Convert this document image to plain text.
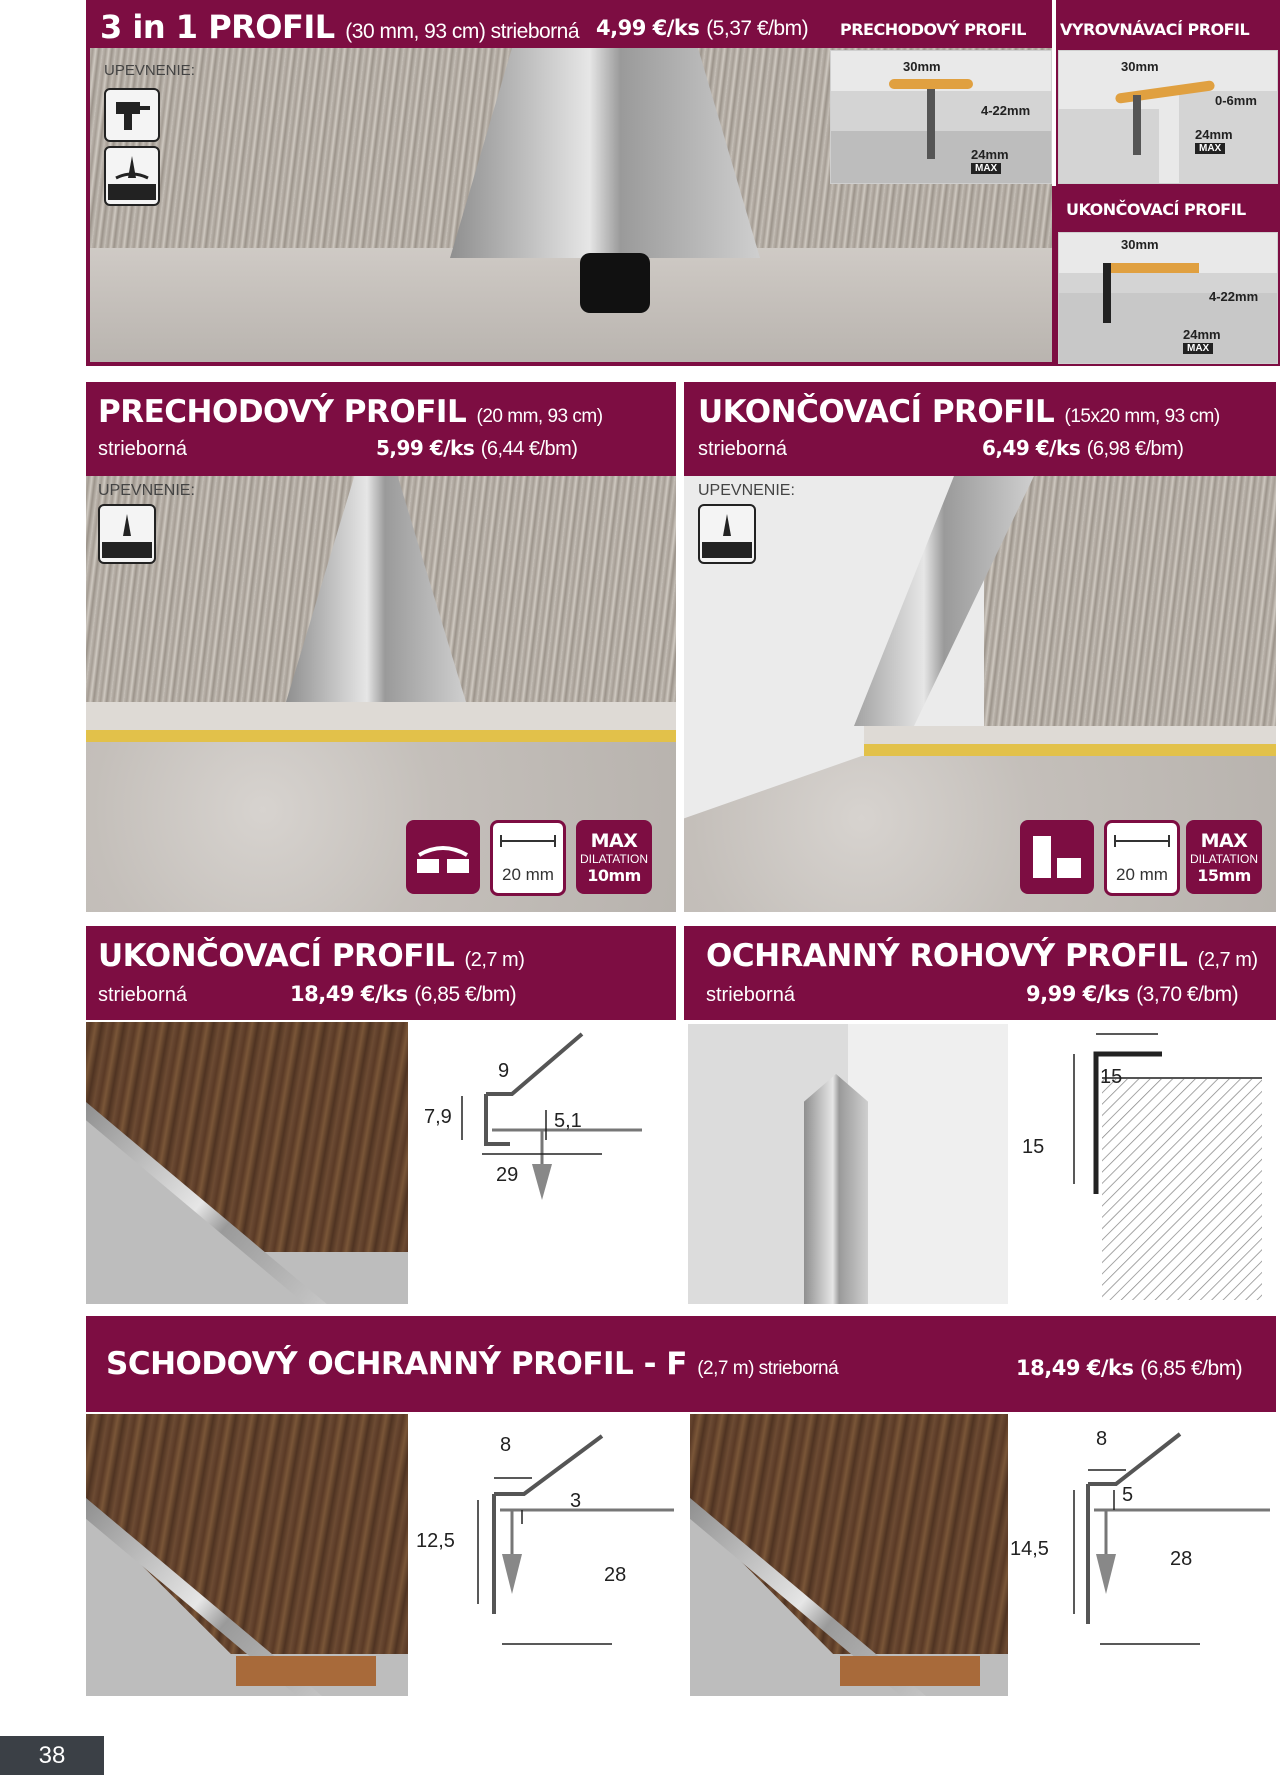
3 in 1 PROFIL (30 mm, 93 cm) strieborná 4,99 €/ks (5,37 €/bm)
UPEVNENIE:
PRECHODOVÝ PROFIL VYROVNÁVACÍ PROFIL
30mm
4-22mm
24mm
MAX
30mm
0-6mm
24mm
MAX
UKONČOVACÍ PROFIL
30mm
4-22mm
24mm
MAX
PRECHODOVÝ PROFIL (20 mm, 93 cm)
strieborná	5,99 €/ks (6,44 €/bm)
UPEVNENIE:
20 mm
MAX
DILATATION
10mm
UKONČOVACÍ PROFIL (15x20 mm, 93 cm)
strieborná	6,49 €/ks (6,98 €/bm)
UPEVNENIE:
20 mm
MAX
DILATATION
15mm
UKONČOVACÍ PROFIL (2,7 m)
strieborná	18,49 €/ks (6,85 €/bm)
9
7,9	5,1
29
OCHRANNÝ ROHOVÝ PROFIL (2,7 m)
strieborná	9,99 €/ks (3,70 €/bm)
15
15
SCHODOVÝ OCHRANNÝ PROFIL - F (2,7 m) strieborná	18,49 €/ks (6,85 €/bm)
8
3
12,5
28
8
5
14,5	28
38
